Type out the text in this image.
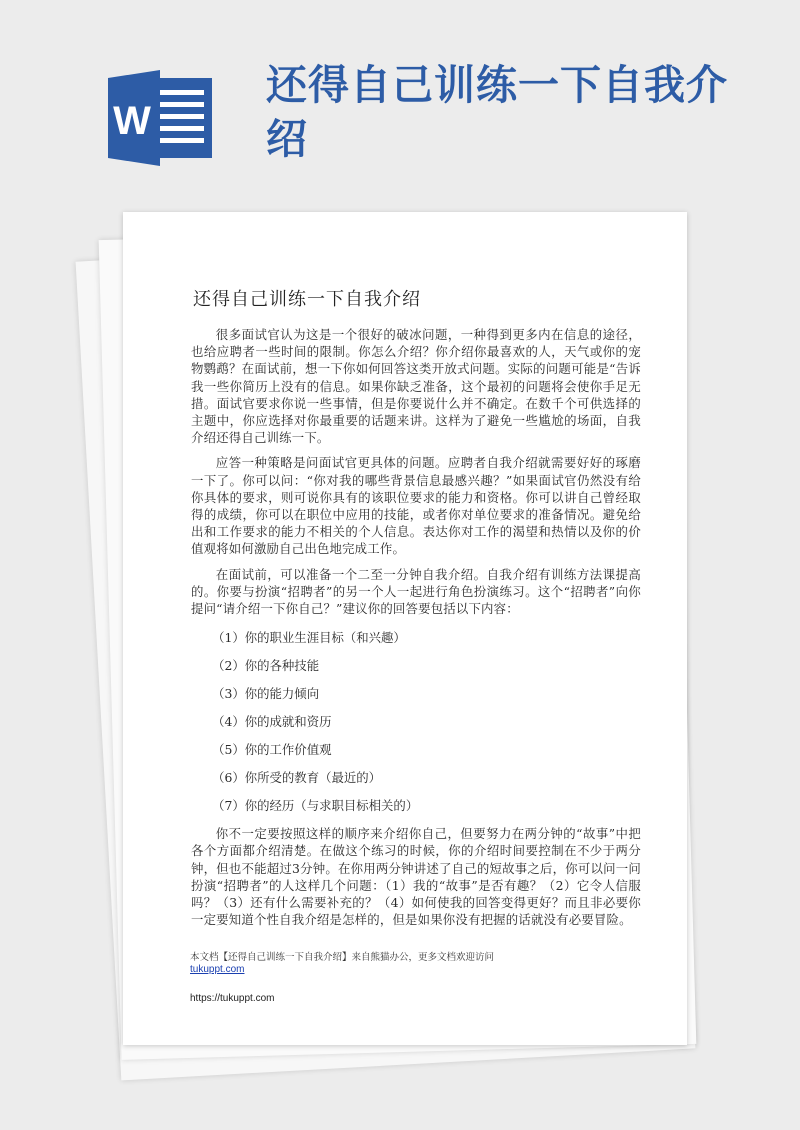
W
还得自己训练一下自我介绍
还得自己训练一下自我介绍

很多面试官认为这是一个很好的破冰问题，一种得到更多内在信息的途径，也给应聘者一些时间的限制。你怎么介绍？你介绍你最喜欢的人，天气或你的宠物鹦鹉？在面试前，想一下你如何回答这类开放式问题。实际的问题可能是“告诉我一些你简历上没有的信息。如果你缺乏准备，这个最初的问题将会使你手足无措。面试官要求你说一些事情，但是你要说什么并不确定。在数千个可供选择的主题中，你应选择对你最重要的话题来讲。这样为了避免一些尴尬的场面，自我介绍还得自己训练一下。

应答一种策略是问面试官更具体的问题。应聘者自我介绍就需要好好的琢磨一下了。你可以问：“你对我的哪些背景信息最感兴趣？”如果面试官仍然没有给你具体的要求，则可说你具有的该职位要求的能力和资格。你可以讲自己曾经取得的成绩，你可以在职位中应用的技能，或者你对单位要求的准备情况。避免给出和工作要求的能力不相关的个人信息。表达你对工作的渴望和热情以及你的价值观将如何激励自己出色地完成工作。

在面试前，可以准备一个二至一分钟自我介绍。自我介绍有训练方法课提高的。你要与扮演“招聘者”的另一个人一起进行角色扮演练习。这个“招聘者”向你提问“请介绍一下你自己？”建议你的回答要包括以下内容：

（1）你的职业生涯目标（和兴趣）

（2）你的各种技能

（3）你的能力倾向

（4）你的成就和资历

（5）你的工作价值观

（6）你所受的教育（最近的）

（7）你的经历（与求职目标相关的）

你不一定要按照这样的顺序来介绍你自己，但要努力在两分钟的“故事”中把各个方面都介绍清楚。在做这个练习的时候，你的介绍时间要控制在不少于两分钟，但也不能超过3分钟。在你用两分钟讲述了自己的短故事之后，你可以问一问扮演“招聘者”的人这样几个问题：（1）我的“故事”是否有趣？（2）它令人信服吗？（3）还有什么需要补充的？（4）如何使我的回答变得更好？而且非必要你一定要知道个性自我介绍是怎样的，但是如果你没有把握的话就没有必要冒险。

本文档【还得自己训练一下自我介绍】来自熊猫办公，更多文档欢迎访问
tukuppt.com
https://tukuppt.com
